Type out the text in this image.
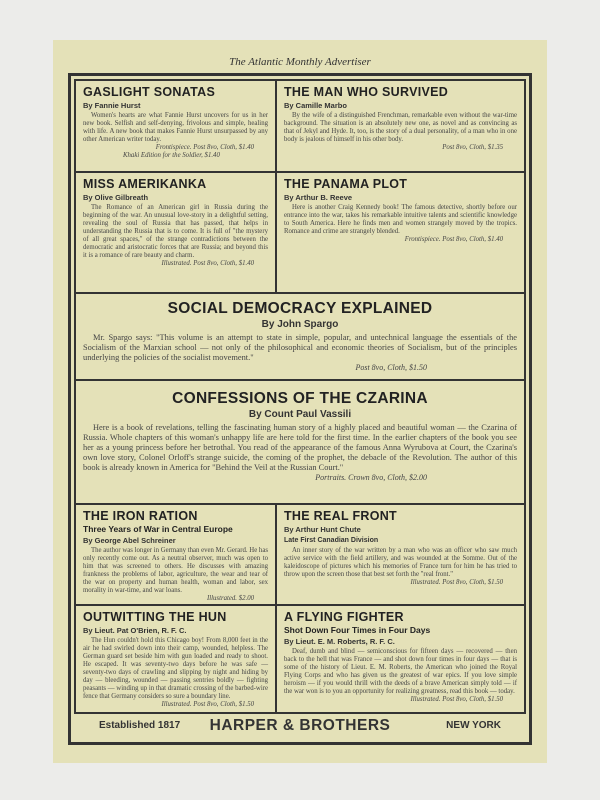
The Atlantic Monthly Advertiser
GASLIGHT SONATAS
By Fannie Hurst
Women's hearts are what Fannie Hurst uncovers for us in her new book. Selfish and self-denying, frivolous and simple, healing with life. A new book that makes Fannie Hurst unsurpassed by any other American writer today.
Frontispiece. Post 8vo, Cloth, $1.40
Khaki Edition for the Soldier, $1.40
THE MAN WHO SURVIVED
By Camille Marbo
By the wife of a distinguished Frenchman, remarkable even without the war-time background. The situation is an absolutely new one, as novel and as convincing as that of Jekyl and Hyde. It, too, is the story of a dual personality, of a man who in one body is jealous of himself in his other body.
Post 8vo, Cloth, $1.35
MISS AMERIKANKA
By Olive Gilbreath
The Romance of an American girl in Russia during the beginning of the war. An unusual love-story in a delightful setting, revealing the soul of Russia that has passed, that helps in understanding the Russia that is to come. It is full of "the mystery of all great spaces," of the strange contradictions between the democratic and aristocratic forces that are Russia; and beyond this it is a romance of rare beauty and charm.
Illustrated. Post 8vo, Cloth, $1.40
THE PANAMA PLOT
By Arthur B. Reeve
Here is another Craig Kennedy book! The famous detective, shortly before our entrance into the war, takes his remarkable intuitive talents and scientific knowledge to South America. Here he finds men and women strangely moved by the tropics. Romance and crime are strangely blended.
Frontispiece. Post 8vo, Cloth, $1.40
SOCIAL DEMOCRACY EXPLAINED
By John Spargo
Mr. Spargo says: "This volume is an attempt to state in simple, popular, and untechnical language the essentials of the Socialism of the Marxian school — not only of the philosophical and economic theories of Socialism, but of the principles underlying the policies of the socialist movement."
Post 8vo, Cloth, $1.50
CONFESSIONS OF THE CZARINA
By Count Paul Vassili
Here is a book of revelations, telling the fascinating human story of a highly placed and beautiful woman — the Czarina of Russia. Whole chapters of this woman's unhappy life are here told for the first time. In the earlier chapters of the book you see her as a young princess before her betrothal. You read of the appearance of the famous Anna Wyrubova at Court, the Czarina's own love story, Colonel Orloff's strange suicide, the coming of the prophet, the debacle of the Revolution. The author of this book is already known in America for "Behind the Veil at the Russian Court."
Portraits. Crown 8vo, Cloth, $2.00
THE IRON RATION
Three Years of War in Central Europe
By George Abel Schreiner
The author was longer in Germany than even Mr. Gerard. He has only recently come out. As a neutral observer, much was open to him that was screened to others. He discusses with amazing frankness the problems of labor, agriculture, the wear and tear of the war on property and human health, woman and labor, sex morality in war-time, and war loans.
Illustrated. $2.00
THE REAL FRONT
By Arthur Hunt Chute
Late First Canadian Division
An inner story of the war written by a man who was an officer who saw much active service with the field artillery, and was wounded at the Somme. Out of the kaleidoscope of pictures which his memories of France turn for him he has tried to throw upon the screen those that best set forth the "real front."
Illustrated. Post 8vo, Cloth, $1.50
OUTWITTING THE HUN
By Lieut. Pat O'Brien, R. F. C.
The Hun couldn't hold this Chicago boy! From 8,000 feet in the air he had swirled down into their camp, wounded, helpless. The German guard set beside him with gun loaded and ready to shoot. He escaped. It was seventy-two days before he was safe — seventy-two days of crawling and slipping by night and hiding by day — bleeding, wounded — passing sentries boldly — fighting peasants — winding up in that dramatic crossing of the barbed-wire fence that Germany considers so sure a boundary line.
Illustrated. Post 8vo, Cloth, $1.50
A FLYING FIGHTER
Shot Down Four Times in Four Days
By Lieut. E. M. Roberts, R. F. C.
Deaf, dumb and blind — semiconscious for fifteen days — recovered — then back to the hell that was France — and shot down four times in four days — that is some of the history of Lieut. E. M. Roberts, the American who joined the Royal Flying Corps and who has given us the greatest of war epics. If you love simple heroism — if you would thrill with the deeds of a brave American simply told — if the war won is to you an opportunity for realizing greatness, read this book — today.
Illustrated. Post 8vo, Cloth, $1.50
Established 1817	HARPER & BROTHERS	NEW YORK
